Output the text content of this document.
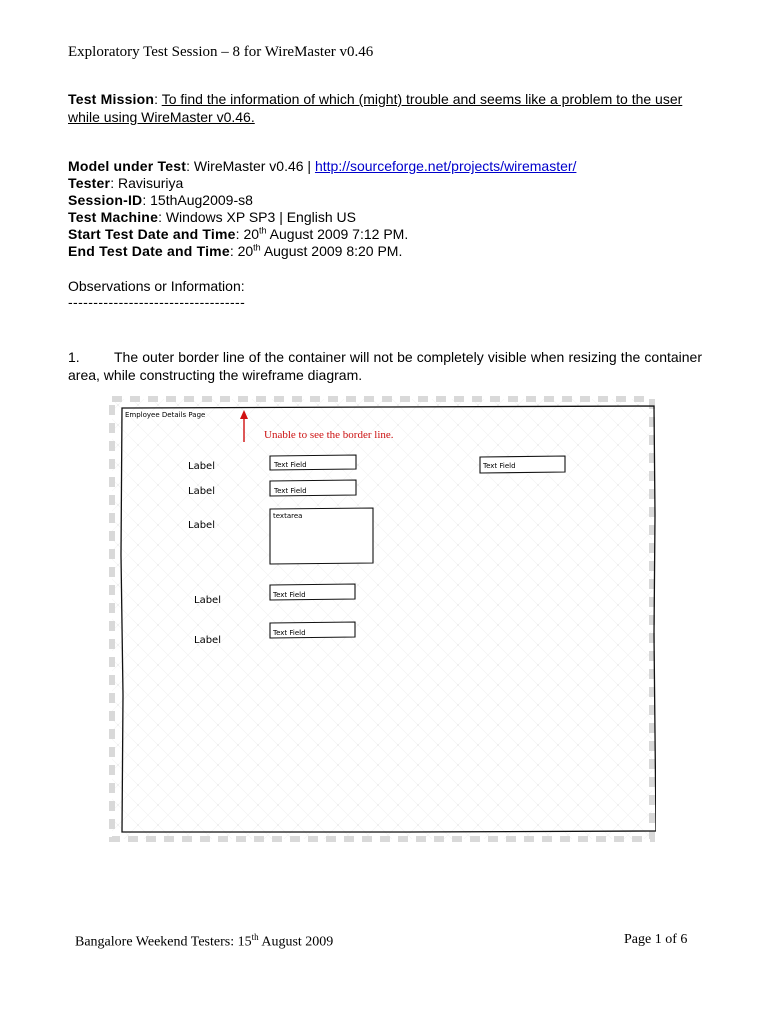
Exploratory Test Session – 8 for WireMaster v0.46
Test Mission: To find the information of which (might) trouble and seems like a problem to the user while using WireMaster v0.46.
Model under Test: WireMaster v0.46 | http://sourceforge.net/projects/wiremaster/
Tester: Ravisuriya
Session-ID: 15thAug2009-s8
Test Machine: Windows XP SP3 | English US
Start Test Date and Time: 20th August 2009 7:12 PM.
End Test Date and Time: 20th August 2009 8:20 PM.
Observations or Information:
-----------------------------------
1. The outer border line of the container will not be completely visible when resizing the container area, while constructing the wireframe diagram.
Employee Details Page
Unable to see the border line.
Label
Label
Label
Label
Label
Text Field	Text Field
Text Field
textarea
Text Field
Text Field
Bangalore Weekend Testers: 15th August 2009	Page 1 of 6
